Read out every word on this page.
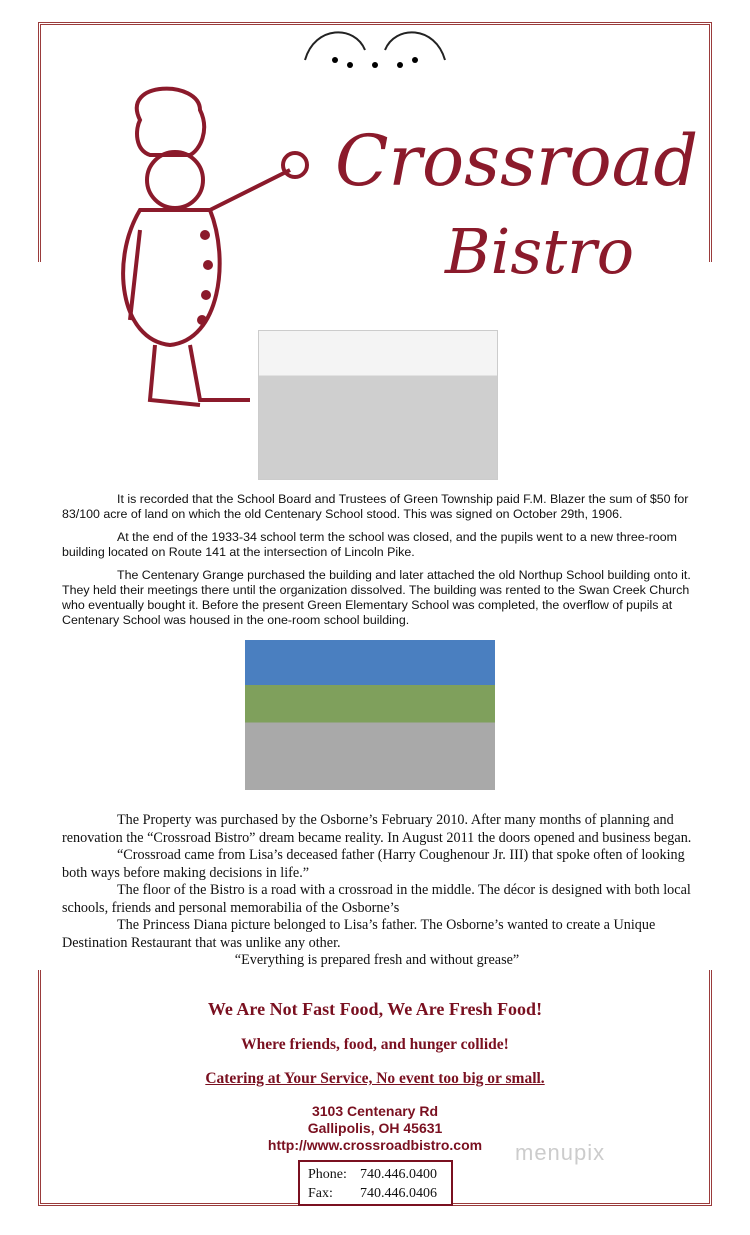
Crossroad
Bistro

It is recorded that the School Board and Trustees of Green Township paid F.M. Blazer the sum of $50 for 83/100 acre of land on which the old Centenary School stood. This was signed on October 29th, 1906.

At the end of the 1933-34 school term the school was closed, and the pupils went to a new three-room building located on Route 141 at the intersection of Lincoln Pike.

The Centenary Grange purchased the building and later attached the old Northup School building onto it. They held their meetings there until the organization dissolved. The building was rented to the Swan Creek Church who eventually bought it. Before the present Green Elementary School was completed, the overflow of pupils at Centenary School was housed in the one-room school building.

The Property was purchased by the Osborne’s February 2010. After many months of planning and renovation the “Crossroad Bistro” dream became reality. In August 2011 the doors opened and business began.

“Crossroad came from Lisa’s deceased father (Harry Coughenour Jr. III) that spoke often of looking both ways before making decisions in life.”

The floor of the Bistro is a road with a crossroad in the middle. The décor is designed with both local schools, friends and personal memorabilia of the Osborne’s

The Princess Diana picture belonged to Lisa’s father. The Osborne’s wanted to create a Unique Destination Restaurant that was unlike any other.

“Everything is prepared fresh and without grease”

We Are Not Fast Food, We Are Fresh Food!
Where friends, food, and hunger collide!
Catering at Your Service, No event too big or small.
3103 Centenary Rd
Gallipolis, OH 45631
http://www.crossroadbistro.com
Phone: 740.446.0400
Fax: 740.446.0406
menupix
